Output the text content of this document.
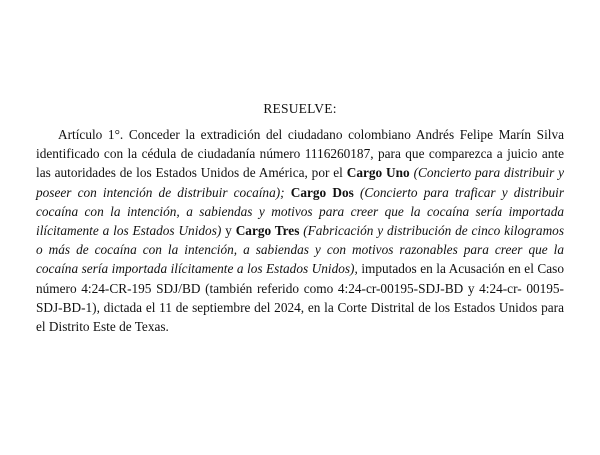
RESUELVE:

Artículo 1°. Conceder la extradición del ciudadano colombiano Andrés Felipe Marín Silva identificado con la cédula de ciudadanía número 1116260187, para que comparezca a juicio ante las autoridades de los Estados Unidos de América, por el Cargo Uno (Concierto para distribuir y poseer con intención de distribuir cocaína); Cargo Dos (Concierto para traficar y distribuir cocaína con la intención, a sabiendas y motivos para creer que la cocaína sería importada ilícitamente a los Estados Unidos) y Cargo Tres (Fabricación y distribución de cinco kilogramos o más de cocaína con la intención, a sabiendas y con motivos razonables para creer que la cocaína sería importada ilícitamente a los Estados Unidos), imputados en la Acusación en el Caso número 4:24-CR-195 SDJ/BD (también referido como 4:24-cr-00195-SDJ-BD y 4:24-cr- 00195-SDJ-BD-1), dictada el 11 de septiembre del 2024, en la Corte Distrital de los Estados Unidos para el Distrito Este de Texas.
